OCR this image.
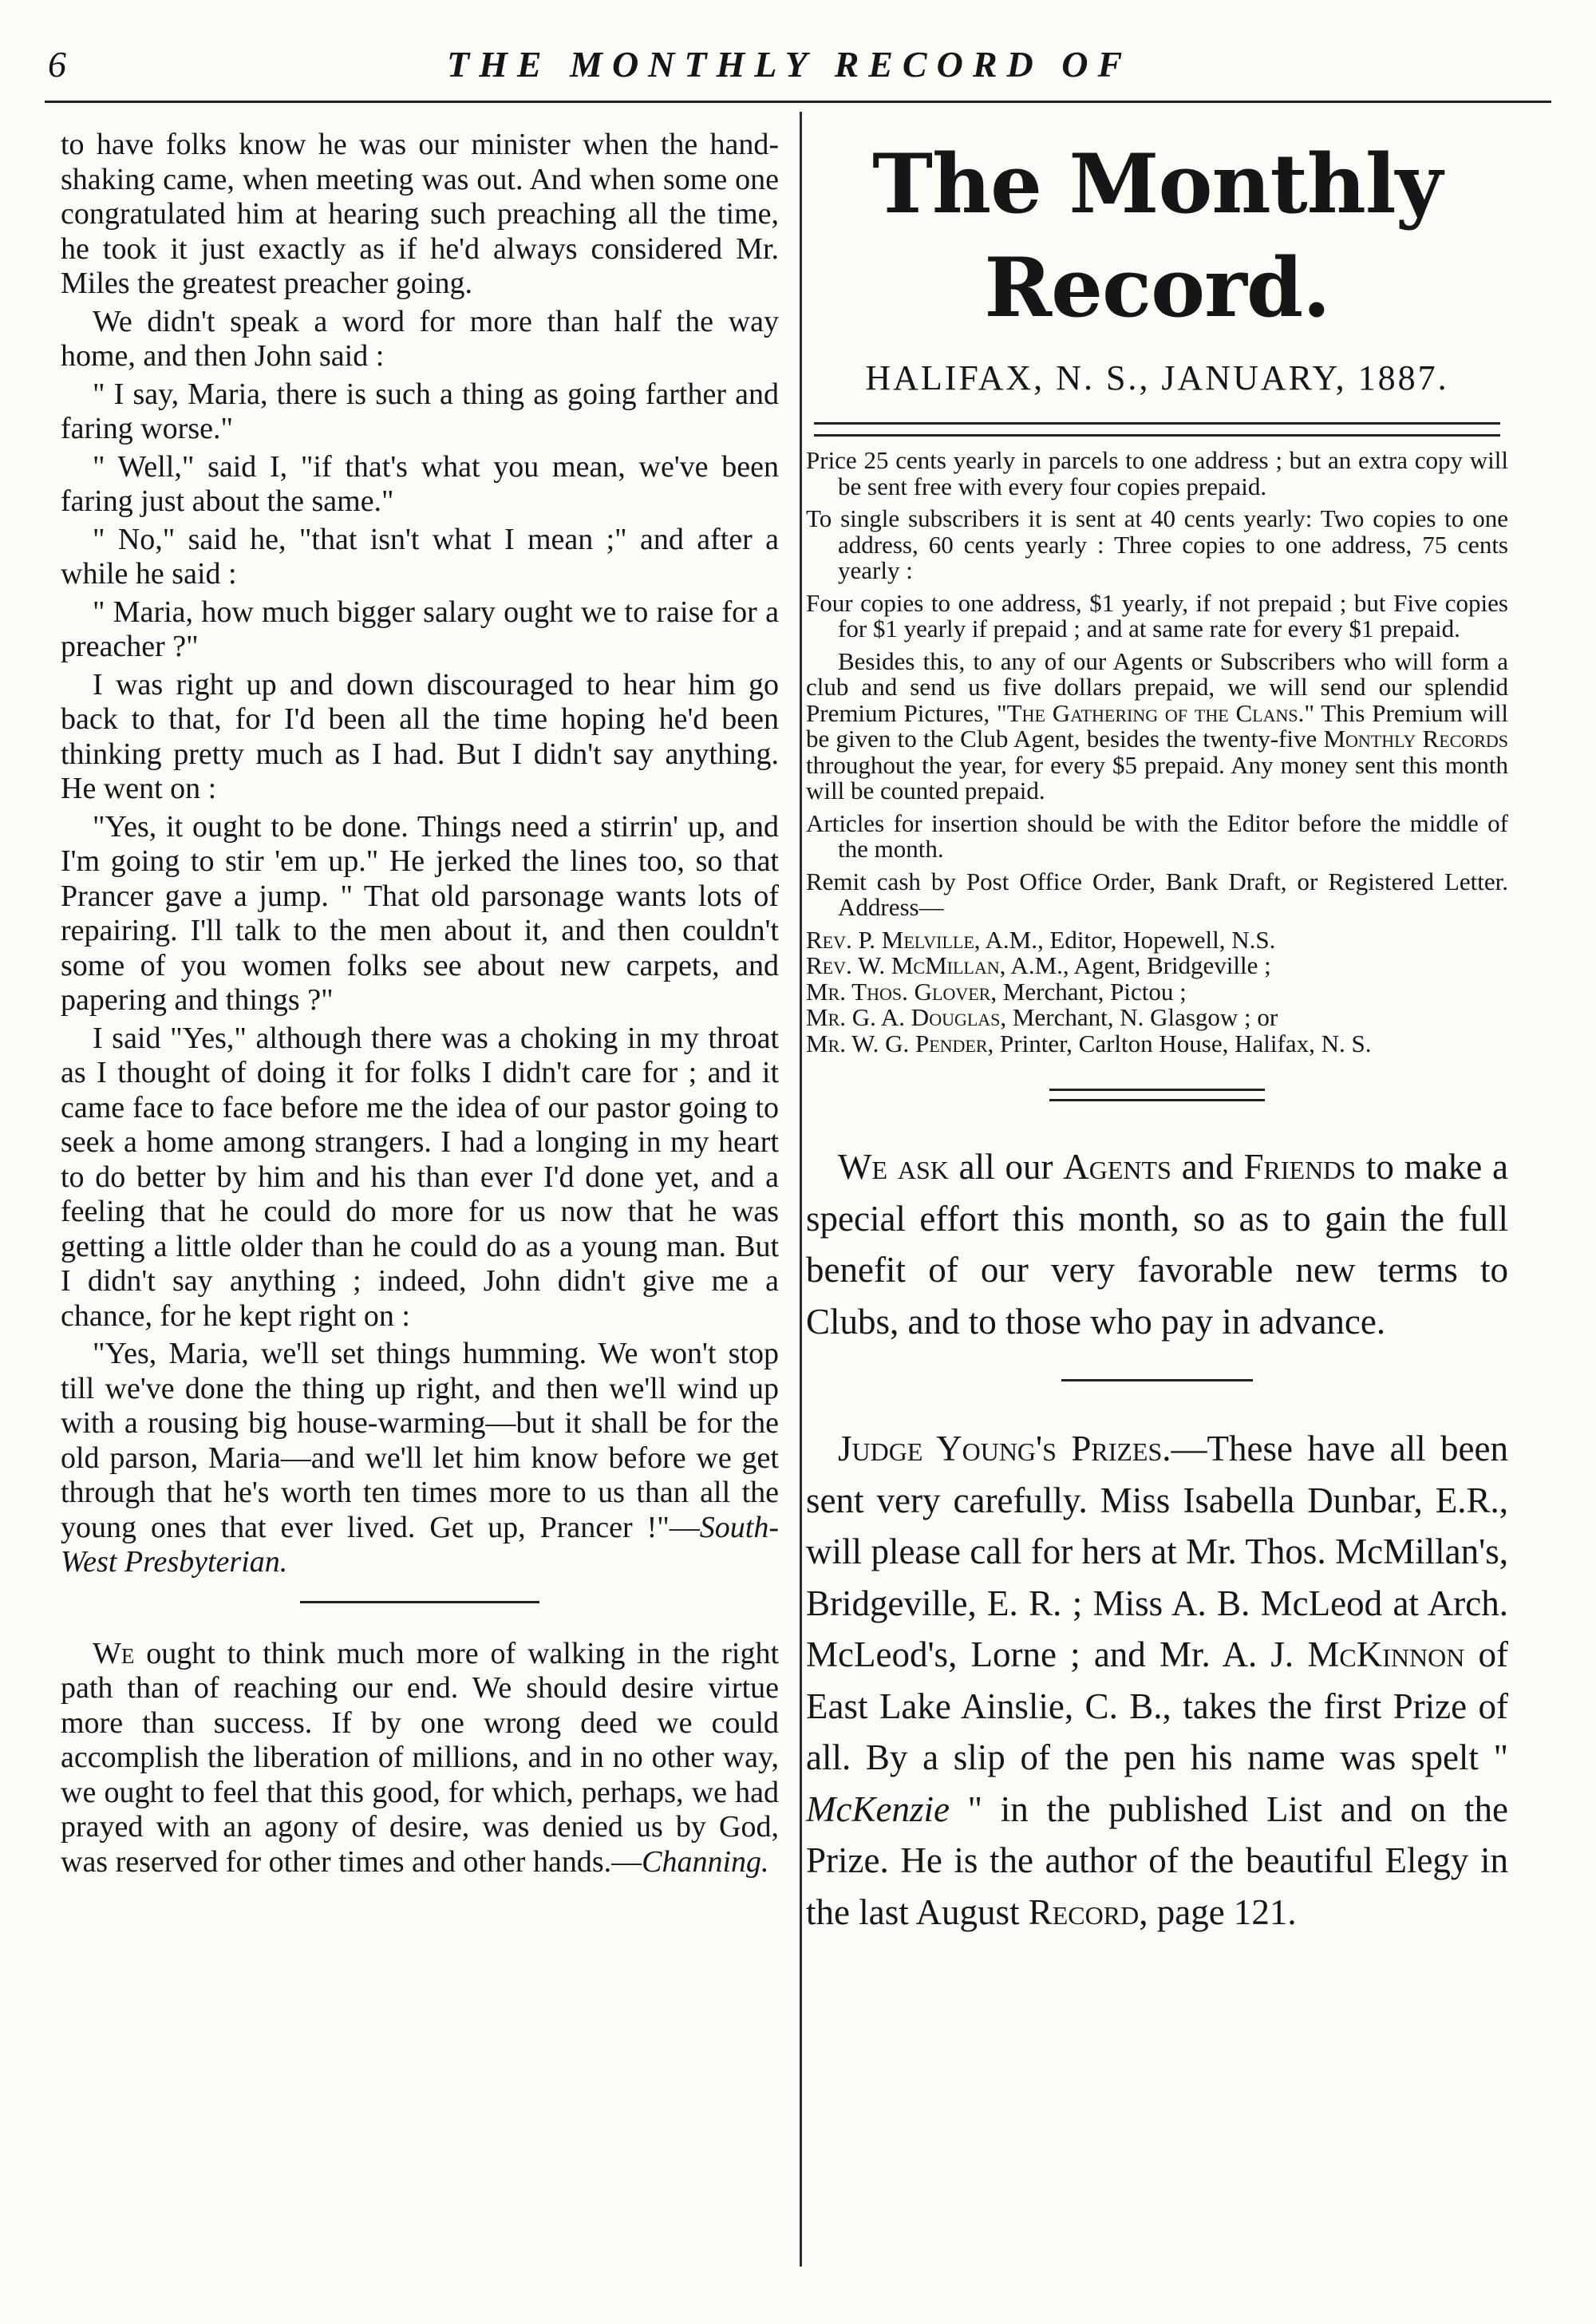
6	THE MONTHLY RECORD OF

to have folks know he was our minister when the hand-shaking came, when meeting was out. And when some one congratulated him at hearing such preaching all the time, he took it just exactly as if he'd always considered Mr. Miles the greatest preacher going.

We didn't speak a word for more than half the way home, and then John said :

" I say, Maria, there is such a thing as going farther and faring worse."

" Well," said I, "if that's what you mean, we've been faring just about the same."

" No," said he, "that isn't what I mean ;" and after a while he said :

" Maria, how much bigger salary ought we to raise for a preacher ?"

I was right up and down discouraged to hear him go back to that, for I'd been all the time hoping he'd been thinking pretty much as I had. But I didn't say anything. He went on :

"Yes, it ought to be done. Things need a stirrin' up, and I'm going to stir 'em up." He jerked the lines too, so that Prancer gave a jump. " That old parsonage wants lots of repairing. I'll talk to the men about it, and then couldn't some of you women folks see about new carpets, and papering and things ?"

I said "Yes," although there was a choking in my throat as I thought of doing it for folks I didn't care for ; and it came face to face before me the idea of our pastor going to seek a home among strangers. I had a longing in my heart to do better by him and his than ever I'd done yet, and a feeling that he could do more for us now that he was getting a little older than he could do as a young man. But I didn't say anything ; indeed, John didn't give me a chance, for he kept right on :

"Yes, Maria, we'll set things humming. We won't stop till we've done the thing up right, and then we'll wind up with a rousing big house-warming—but it shall be for the old parson, Maria—and we'll let him know before we get through that he's worth ten times more to us than all the young ones that ever lived. Get up, Prancer !"—South-West Presbyterian.

We ought to think much more of walking in the right path than of reaching our end. We should desire virtue more than success. If by one wrong deed we could accomplish the liberation of millions, and in no other way, we ought to feel that this good, for which, perhaps, we had prayed with an agony of desire, was denied us by God, was reserved for other times and other hands.—Channing.

The Monthly Record.
HALIFAX, N. S., JANUARY, 1887.

Price 25 cents yearly in parcels to one address ; but an extra copy will be sent free with every four copies prepaid.

To single subscribers it is sent at 40 cents yearly: Two copies to one address, 60 cents yearly : Three copies to one address, 75 cents yearly :

Four copies to one address, $1 yearly, if not prepaid ; but Five copies for $1 yearly if prepaid ; and at same rate for every $1 prepaid.

Besides this, to any of our Agents or Subscribers who will form a club and send us five dollars prepaid, we will send our splendid Premium Pictures, "The Gathering of the Clans." This Premium will be given to the Club Agent, besides the twenty-five Monthly Records throughout the year, for every $5 prepaid. Any money sent this month will be counted prepaid.

Articles for insertion should be with the Editor before the middle of the month.

Remit cash by Post Office Order, Bank Draft, or Registered Letter. Address—

Rev. P. Melville, A.M., Editor, Hopewell, N.S.

Rev. W. McMillan, A.M., Agent, Bridgeville ;

Mr. Thos. Glover, Merchant, Pictou ;

Mr. G. A. Douglas, Merchant, N. Glasgow ; or

Mr. W. G. Pender, Printer, Carlton House, Halifax, N. S.

We ask all our Agents and Friends to make a special effort this month, so as to gain the full benefit of our very favorable new terms to Clubs, and to those who pay in advance.

Judge Young's Prizes.—These have all been sent very carefully. Miss Isabella Dunbar, E.R., will please call for hers at Mr. Thos. McMillan's, Bridgeville, E. R. ; Miss A. B. McLeod at Arch. McLeod's, Lorne ; and Mr. A. J. McKinnon of East Lake Ainslie, C. B., takes the first Prize of all. By a slip of the pen his name was spelt " McKenzie " in the published List and on the Prize. He is the author of the beautiful Elegy in the last August Record, page 121.
